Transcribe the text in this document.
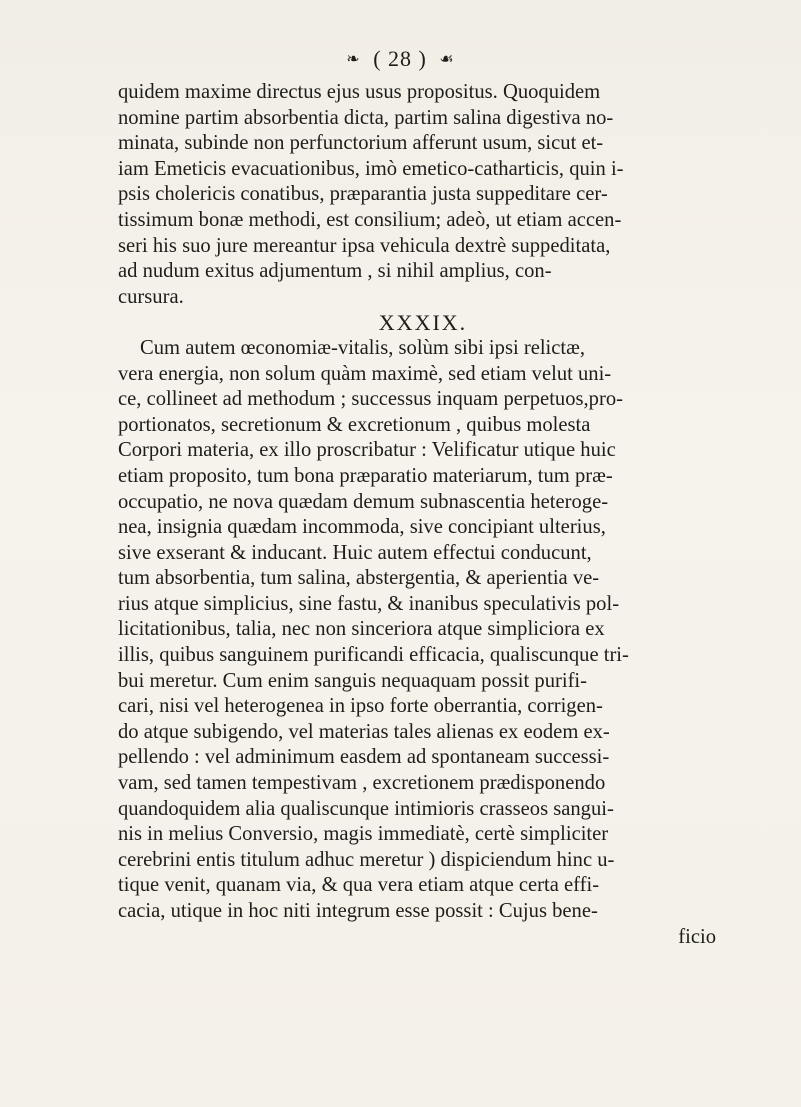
❧ ( 28 ) ☙
quidem maxime directus ejus usus propositus. Quoquidem
nomine partim absorbentia dicta, partim salina digestiva no-
minata, subinde non perfunctorium afferunt usum, sicut et-
iam Emeticis evacuationibus, imò emetico-catharticis, quin i-
psis cholericis conatibus, præparantia justa suppeditare cer-
tissimum bonæ methodi, est consilium; adeò, ut etiam accen-
seri his suo jure mereantur ipsa vehicula dextrè suppeditata,
ad nudum exitus adjumentum , si nihil amplius, con-
cursura.
XXXIX.
Cum autem œconomiæ-vitalis, solùm sibi ipsi relictæ,
vera energia, non solum quàm maximè, sed etiam velut uni-
ce, collineet ad methodum ; successus inquam perpetuos,pro-
portionatos, secretionum & excretionum , quibus molesta
Corpori materia, ex illo proscribatur : Velificatur utique huic
etiam proposito, tum bona præparatio materiarum, tum præ-
occupatio, ne nova quædam demum subnascentia heteroge-
nea, insignia quædam incommoda, sive concipiant ulterius,
sive exserant & inducant. Huic autem effectui conducunt,
tum absorbentia, tum salina, abstergentia, & aperientia ve-
rius atque simplicius, sine fastu, & inanibus speculativis pol-
licitationibus, talia, nec non sinceriora atque simpliciora ex
illis, quibus sanguinem purificandi efficacia, qualiscunque tri-
bui meretur. Cum enim sanguis nequaquam possit purifi-
cari, nisi vel heterogenea in ipso forte oberrantia, corrigen-
do atque subigendo, vel materias tales alienas ex eodem ex-
pellendo : vel adminimum easdem ad spontaneam successi-
vam, sed tamen tempestivam , excretionem prædisponendo
quandoquidem alia qualiscunque intimioris crasseos sangui-
nis in melius Conversio, magis immediatè, certè simpliciter
cerebrini entis titulum adhuc meretur ) dispiciendum hinc u-
tique venit, quanam via, & qua vera etiam atque certa effi-
cacia, utique in hoc niti integrum esse possit : Cujus bene-
ficio
